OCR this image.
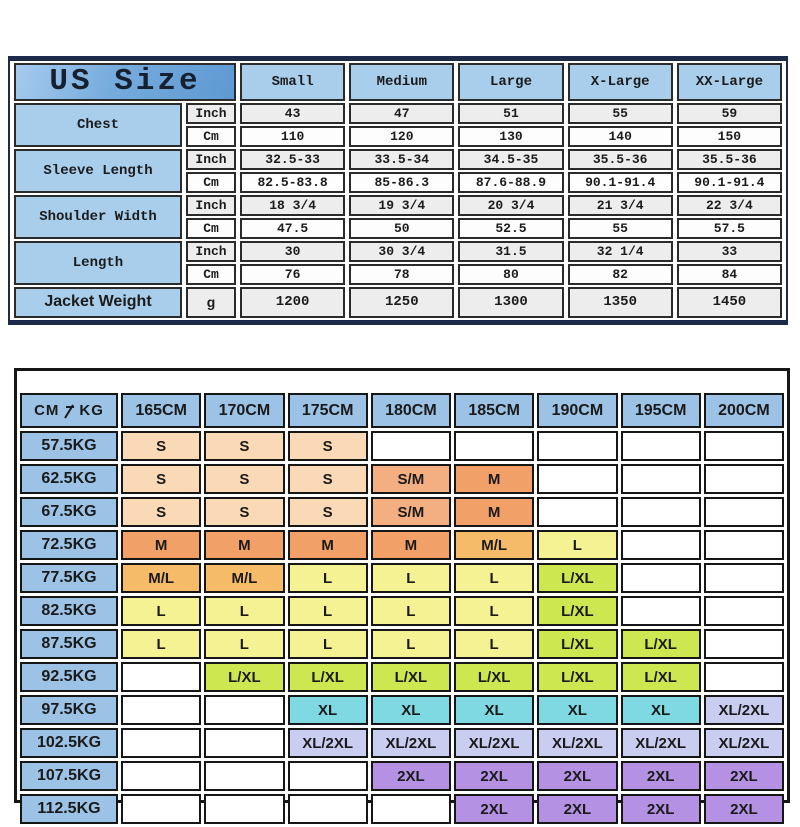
US Size		Small	Medium	Large	X-Large	XX-Large
Chest	Inch	43	47	51	55	59
	Cm	110	120	130	140	150
Sleeve Length	Inch	32.5-33	33.5-34	34.5-35	35.5-36	35.5-36
	Cm	82.5-83.8	85-86.3	87.6-88.9	90.1-91.4	90.1-91.4
Shoulder Width	Inch	18 3/4	19 3/4	20 3/4	21 3/4	22 3/4
	Cm	47.5	50	52.5	55	57.5
Length	Inch	30	30 3/4	31.5	32 1/4	33
	Cm	76	78	80	82	84
Jacket Weight	g	1200	1250	1300	1350	1450
CM KG	165CM	170CM	175CM	180CM	185CM	190CM	195CM	200CM
57.5KG	S	S	S					
62.5KG	S	S	S	S/M	M			
67.5KG	S	S	S	S/M	M			
72.5KG	M	M	M	M	M/L	L		
77.5KG	M/L	M/L	L	L	L	L/XL		
82.5KG	L	L	L	L	L	L/XL		
87.5KG	L	L	L	L	L	L/XL	L/XL	
92.5KG		L/XL	L/XL	L/XL	L/XL	L/XL	L/XL	
97.5KG			XL	XL	XL	XL	XL	XL/2XL
102.5KG			XL/2XL	XL/2XL	XL/2XL	XL/2XL	XL/2XL	XL/2XL
107.5KG				2XL	2XL	2XL	2XL	2XL
112.5KG					2XL	2XL	2XL	2XL
